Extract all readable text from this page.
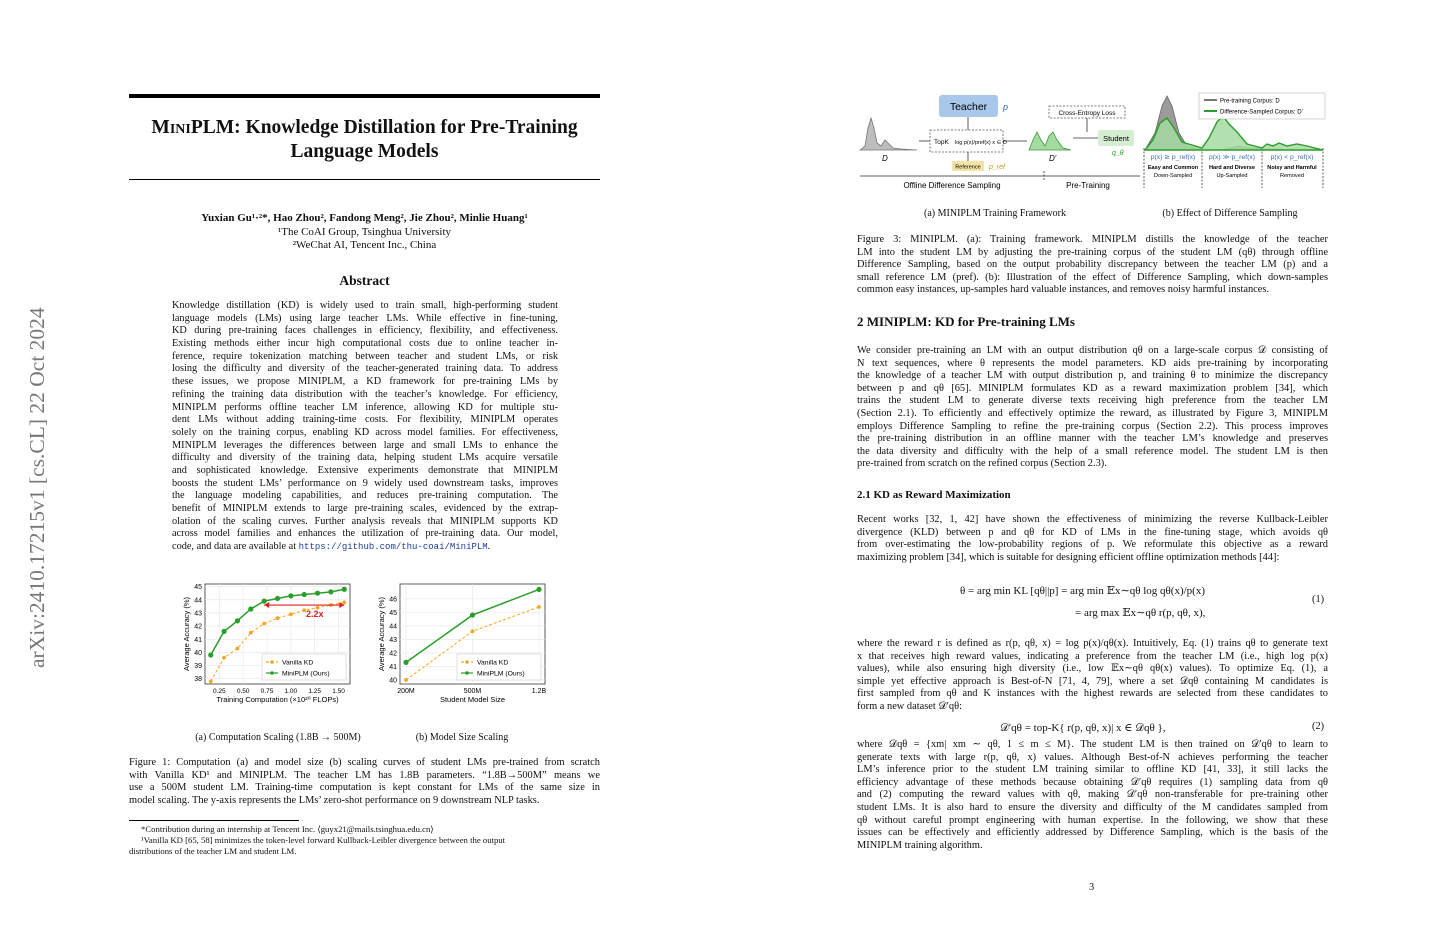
arXiv:2410.17215v1 [cs.CL] 22 Oct 2024
MiniPLM: Knowledge Distillation for Pre-Training
Language Models
Yuxian Gu¹·²*, Hao Zhou², Fandong Meng², Jie Zhou², Minlie Huang¹
¹The CoAI Group, Tsinghua University
²WeChat AI, Tencent Inc., China
Abstract
Knowledge distillation (KD) is widely used to train small, high-performing student
language models (LMs) using large teacher LMs. While effective in fine-tuning,
KD during pre-training faces challenges in efficiency, flexibility, and effectiveness.
Existing methods either incur high computational costs due to online teacher in-
ference, require tokenization matching between teacher and student LMs, or risk
losing the difficulty and diversity of the teacher-generated training data. To address
these issues, we propose MINIPLM, a KD framework for pre-training LMs by
refining the training data distribution with the teacher’s knowledge. For efficiency,
MINIPLM performs offline teacher LM inference, allowing KD for multiple stu-
dent LMs without adding training-time costs. For flexibility, MINIPLM operates
solely on the training corpus, enabling KD across model families. For effectiveness,
MINIPLM leverages the differences between large and small LMs to enhance the
difficulty and diversity of the training data, helping student LMs acquire versatile
and sophisticated knowledge. Extensive experiments demonstrate that MINIPLM
boosts the student LMs’ performance on 9 widely used downstream tasks, improves
the language modeling capabilities, and reduces pre-training computation. The
benefit of MINIPLM extends to large pre-training scales, evidenced by the extrap-
olation of the scaling curves. Further analysis reveals that MINIPLM supports KD
across model families and enhances the utilization of pre-training data. Our model,
code, and data are available at https://github.com/thu-coai/MiniPLM.
38
39
40
41
42
43
44
45
0.25 0.50 0.75 1.00 1.25 1.50
Training Computation (×10²⁰ FLOPs)
Average Accuracy (%)	Vanilla KD
MiniPLM (Ours)
40
41
42
43
44
45
46
200M	500M	1.2B
Student Model Size
Average Accuracy (%)	Vanilla KD
MiniPLM (Ours)
2.2x
(a) Computation Scaling (1.8B → 500M)	(b) Model Size Scaling
Figure 1: Computation (a) and model size (b) scaling curves of student LMs pre-trained from scratch
with Vanilla KD¹ and MINIPLM. The teacher LM has 1.8B parameters. “1.8B→500M” means we
use a 500M student LM. Training-time computation is kept constant for LMs of the same size in
model scaling. The y-axis represents the LMs’ zero-shot performance on 9 downstream NLP tasks.
*Contribution during an internship at Tencent Inc. ⟨guyx21@mails.tsinghua.edu.cn⟩
¹Vanilla KD [65, 58] minimizes the token-level forward Kullback-Leibler divergence between the output
distributions of the teacher LM and student LM.
D
Teacher p
TopK log p(x)/pref(x) x ∈ D
Reference p_ref
D′
Cross-Entropy Loss
Student
q_θ
Offline Difference Sampling	Pre-Training
Pre-training Corpus: D
Difference-Sampled Corpus: D′
p(x) ≳ p_ref(x)
Easy and Common
Down-Sampled
p(x) ≫ p_ref(x)
Hard and Diverse
Up-Sampled
p(x) < p_ref(x)
Noisy and Harmful
Removed
(a) MINIPLM Training Framework	(b) Effect of Difference Sampling
Figure 3: MINIPLM. (a): Training framework. MINIPLM distills the knowledge of the teacher
LM into the student LM by adjusting the pre-training corpus of the student LM (qθ) through offline
Difference Sampling, based on the output probability discrepancy between the teacher LM (p) and a
small reference LM (pref). (b): Illustration of the effect of Difference Sampling, which down-samples
common easy instances, up-samples hard valuable instances, and removes noisy harmful instances.
2 MINIPLM: KD for Pre-training LMs
We consider pre-training an LM with an output distribution qθ on a large-scale corpus 𝒟 consisting of
N text sequences, where θ represents the model parameters. KD aids pre-training by incorporating
the knowledge of a teacher LM with output distribution p, and training θ to minimize the discrepancy
between p and qθ [65]. MINIPLM formulates KD as a reward maximization problem [34], which
trains the student LM to generate diverse texts receiving high preference from the teacher LM
(Section 2.1). To efficiently and effectively optimize the reward, as illustrated by Figure 3, MINIPLM
employs Difference Sampling to refine the pre-training corpus (Section 2.2). This process improves
the pre-training distribution in an offline manner with the teacher LM’s knowledge and preserves
the data diversity and difficulty with the help of a small reference model. The student LM is then
pre-trained from scratch on the refined corpus (Section 2.3).
2.1 KD as Reward Maximization
Recent works [32, 1, 42] have shown the effectiveness of minimizing the reverse Kullback-Leibler
divergence (KLD) between p and qθ for KD of LMs in the fine-tuning stage, which avoids qθ
from over-estimating the low-probability regions of p. We reformulate this objective as a reward
maximizing problem [34], which is suitable for designing efficient offline optimization methods [44]:
θ = arg min KL [qθ||p] = arg min 𝔼x∼qθ log qθ(x)/p(x)
= arg max 𝔼x∼qθ r(p, qθ, x),
(1)
where the reward r is defined as r(p, qθ, x) = log p(x)/qθ(x). Intuitively, Eq. (1) trains qθ to generate text
x that receives high reward values, indicating a preference from the teacher LM (i.e., high log p(x)
values), while also ensuring high diversity (i.e., low 𝔼x∼qθ qθ(x) values). To optimize Eq. (1), a
simple yet effective approach is Best-of-N [71, 4, 79], where a set 𝒟qθ containing M candidates is
first sampled from qθ and K instances with the highest rewards are selected from these candidates to
form a new dataset 𝒟′qθ:
𝒟′qθ = top-K{ r(p, qθ, x)| x ∈ 𝒟qθ },	(2)
where 𝒟qθ = {xm| xm ∼ qθ, 1 ≤ m ≤ M}. The student LM is then trained on 𝒟′qθ to learn to
generate texts with large r(p, qθ, x) values. Although Best-of-N achieves performing the teacher
LM’s inference prior to the student LM training similar to offline KD [41, 33], it still lacks the
efficiency advantage of these methods because obtaining 𝒟′qθ requires (1) sampling data from qθ
and (2) computing the reward values with qθ, making 𝒟′qθ non-transferable for pre-training other
student LMs. It is also hard to ensure the diversity and difficulty of the M candidates sampled from
qθ without careful prompt engineering with human expertise. In the following, we show that these
issues can be effectively and efficiently addressed by Difference Sampling, which is the basis of the
MINIPLM training algorithm.
3
